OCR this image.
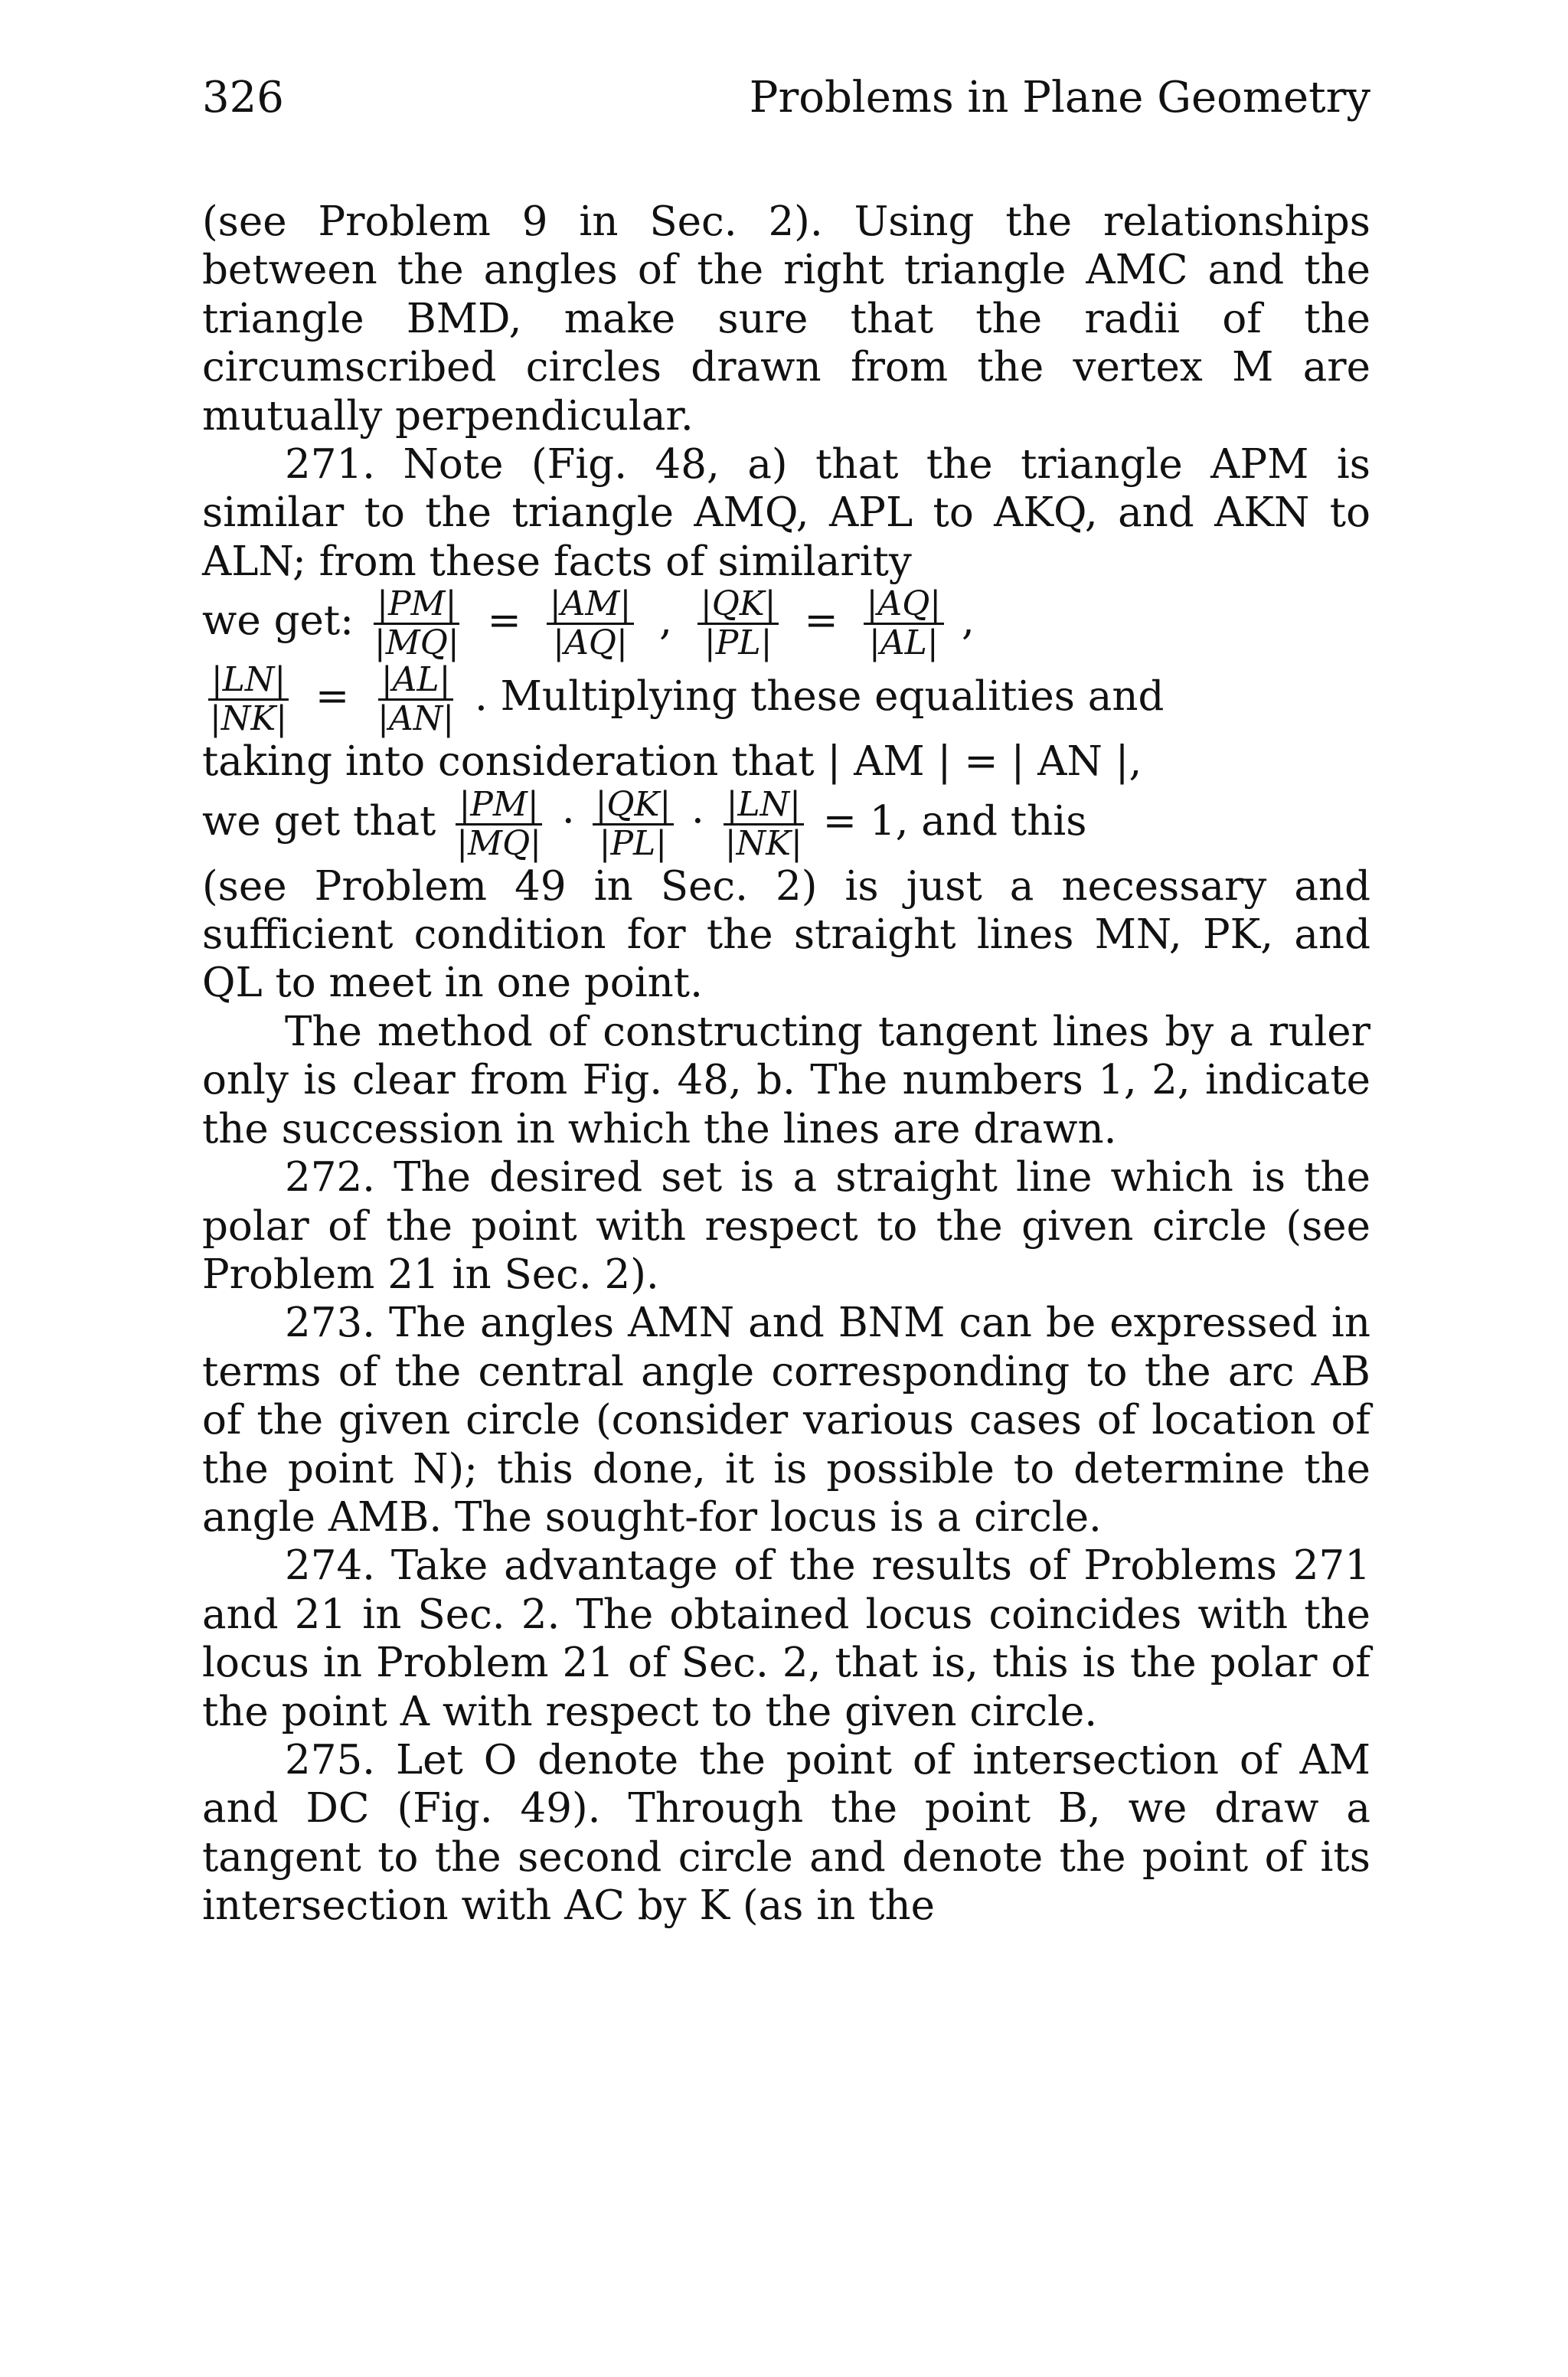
326	Problems in Plane Geometry

(see Problem 9 in Sec. 2). Using the relationships between the angles of the right triangle AMC and the triangle BMD, make sure that the radii of the circumscribed circles drawn from the vertex M are mutually perpendicular.

271. Note (Fig. 48, a) that the triangle APM is similar to the triangle AMQ, APL to AKQ, and AKN to ALN; from these facts of similarity

we get: $\frac{|PM|}{|MQ|} = \frac{|AM|}{|AQ|}$ , $\frac{|QK|}{|PL|} = \frac{|AQ|}{|AL|}$ ,
$\frac{|LN|}{|NK|} = \frac{|AL|}{|AN|}$ . Multiplying these equalities and

taking into consideration that | AM | = | AN |,

we get that $\frac{|PM|}{|MQ|} \cdot \frac{|QK|}{|PL|} \cdot \frac{|LN|}{|NK|} = 1$, and this

(see Problem 49 in Sec. 2) is just a necessary and sufficient condition for the straight lines MN, PK, and QL to meet in one point.

The method of constructing tangent lines by a ruler only is clear from Fig. 48, b. The numbers 1, 2, indicate the succession in which the lines are drawn.

272. The desired set is a straight line which is the polar of the point with respect to the given circle (see Problem 21 in Sec. 2).

273. The angles AMN and BNM can be expressed in terms of the central angle corresponding to the arc AB of the given circle (consider various cases of location of the point N); this done, it is possible to determine the angle AMB. The sought-for locus is a circle.

274. Take advantage of the results of Problems 271 and 21 in Sec. 2. The obtained locus coincides with the locus in Problem 21 of Sec. 2, that is, this is the polar of the point A with respect to the given circle.

275. Let O denote the point of intersection of AM and DC (Fig. 49). Through the point B, we draw a tangent to the second circle and denote the point of its intersection with AC by K (as in the
